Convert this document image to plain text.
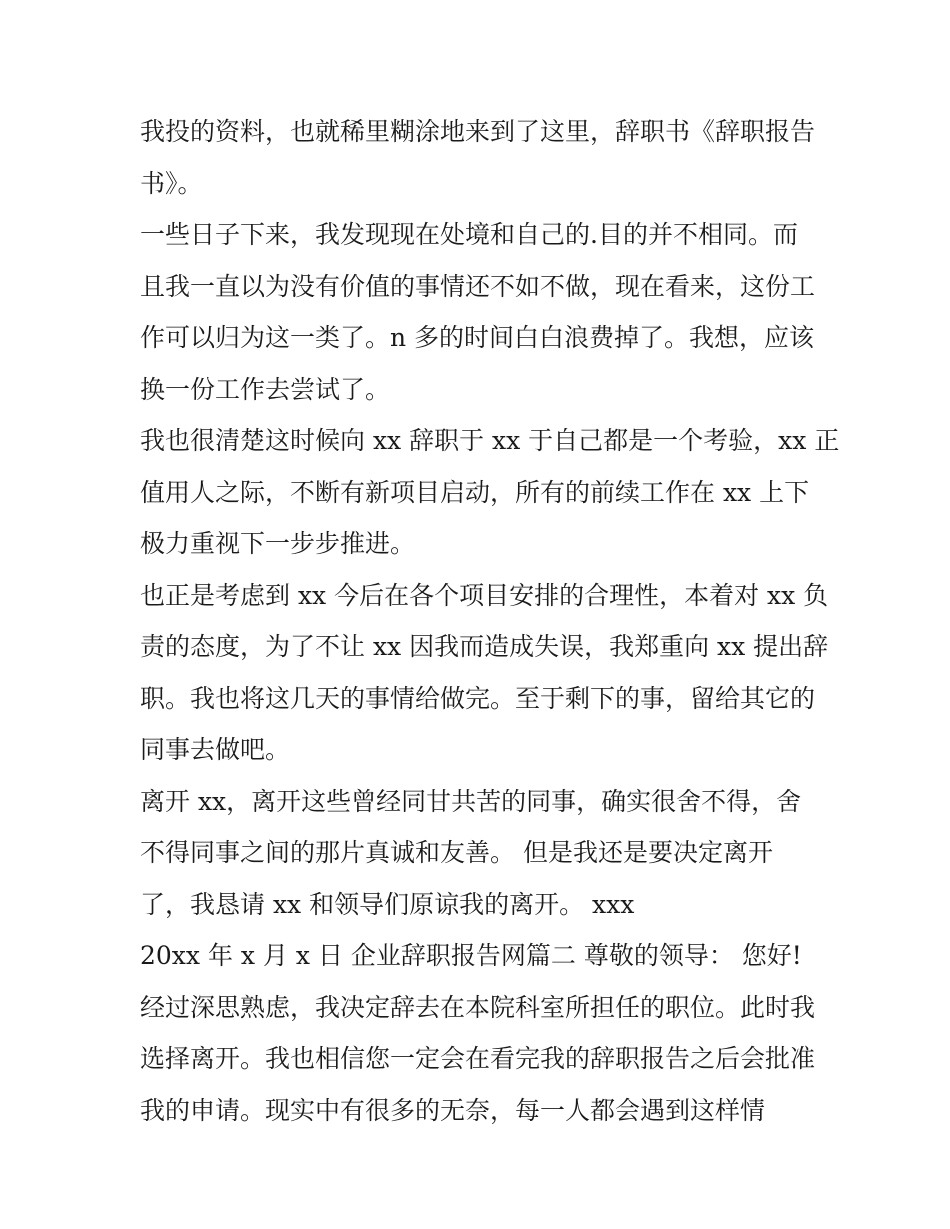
我投的资料，也就稀里糊涂地来到了这里，辞职书《辞职报告
书》。
一些日子下来，我发现现在处境和自己的.目的并不相同。而
且我一直以为没有价值的事情还不如不做，现在看来，这份工
作可以归为这一类了。n 多的时间白白浪费掉了。我想，应该
换一份工作去尝试了。
我也很清楚这时候向 xx 辞职于 xx 于自己都是一个考验，xx 正
值用人之际，不断有新项目启动，所有的前续工作在 xx 上下
极力重视下一步步推进。
也正是考虑到 xx 今后在各个项目安排的合理性，本着对 xx 负
责的态度，为了不让 xx 因我而造成失误，我郑重向 xx 提出辞
职。我也将这几天的事情给做完。至于剩下的事，留给其它的
同事去做吧。
离开 xx，离开这些曾经同甘共苦的同事，确实很舍不得，舍
不得同事之间的那片真诚和友善。 但是我还是要决定离开
了，我恳请 xx 和领导们原谅我的离开。 xxx
20xx 年 x 月 x 日 企业辞职报告网篇二 尊敬的领导： 您好!
经过深思熟虑，我决定辞去在本院科室所担任的职位。此时我
选择离开。我也相信您一定会在看完我的辞职报告之后会批准
我的申请。现实中有很多的无奈，每一人都会遇到这样情
